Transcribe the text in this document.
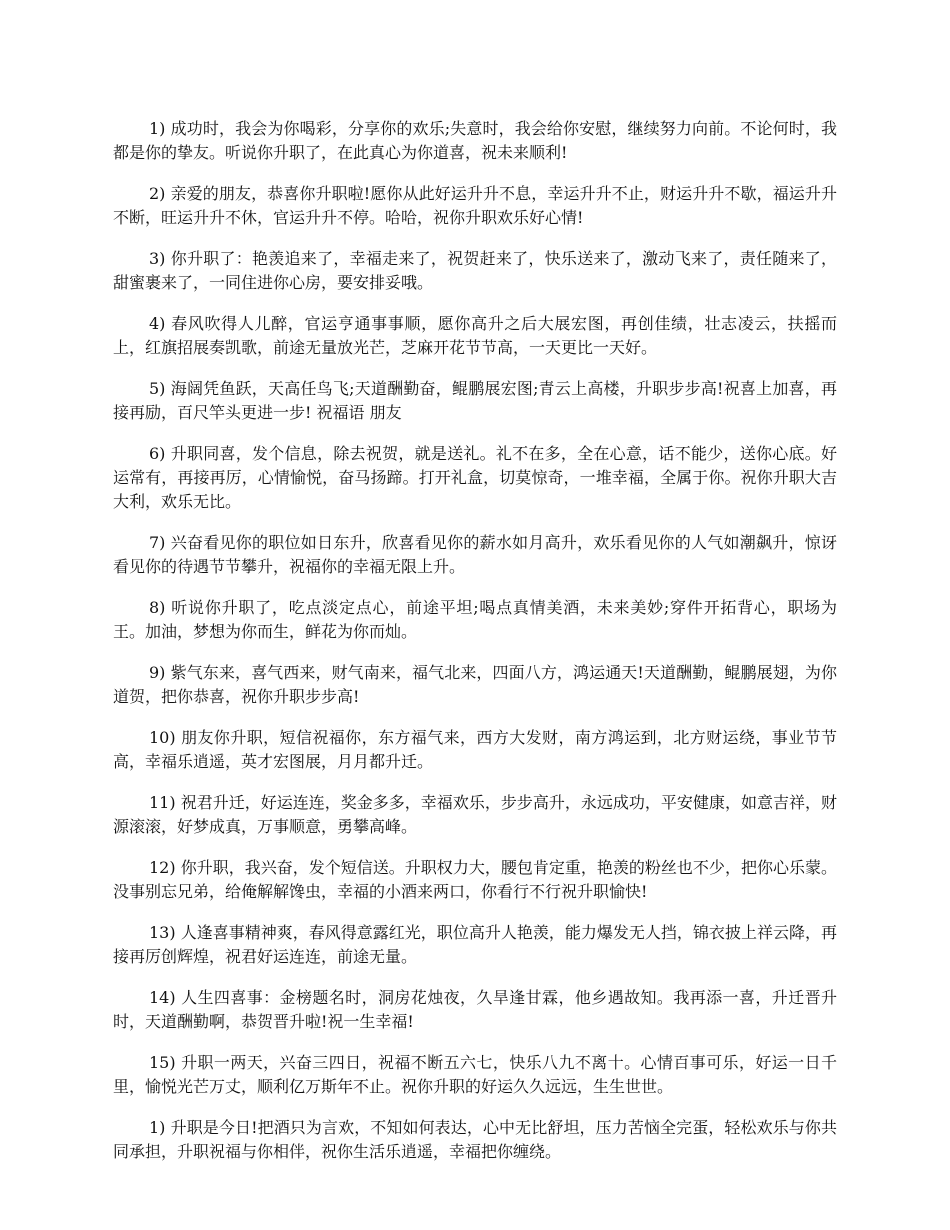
1) 成功时，我会为你喝彩，分享你的欢乐;失意时，我会给你安慰，继续努力向前。不论何时，我都是你的挚友。听说你升职了，在此真心为你道喜，祝未来顺利!

2) 亲爱的朋友，恭喜你升职啦!愿你从此好运升升不息，幸运升升不止，财运升升不歇，福运升升不断，旺运升升不休，官运升升不停。哈哈，祝你升职欢乐好心情!

3) 你升职了：艳羡追来了，幸福走来了，祝贺赶来了，快乐送来了，激动飞来了，责任随来了，甜蜜裹来了，一同住进你心房，要安排妥哦。

4) 春风吹得人儿醉，官运亨通事事顺，愿你高升之后大展宏图，再创佳绩，壮志凌云，扶摇而上，红旗招展奏凯歌，前途无量放光芒，芝麻开花节节高，一天更比一天好。

5) 海阔凭鱼跃，天高任鸟飞;天道酬勤奋，鲲鹏展宏图;青云上高楼，升职步步高!祝喜上加喜，再接再励，百尺竿头更进一步! 祝福语 朋友

6) 升职同喜，发个信息，除去祝贺，就是送礼。礼不在多，全在心意，话不能少，送你心底。好运常有，再接再厉，心情愉悦，奋马扬蹄。打开礼盒，切莫惊奇，一堆幸福，全属于你。祝你升职大吉大利，欢乐无比。

7) 兴奋看见你的职位如日东升，欣喜看见你的薪水如月高升，欢乐看见你的人气如潮飙升，惊讶看见你的待遇节节攀升，祝福你的幸福无限上升。

8) 听说你升职了，吃点淡定点心，前途平坦;喝点真情美酒，未来美妙;穿件开拓背心，职场为王。加油，梦想为你而生，鲜花为你而灿。

9) 紫气东来，喜气西来，财气南来，福气北来，四面八方，鸿运通天!天道酬勤，鲲鹏展翅，为你道贺，把你恭喜，祝你升职步步高!

10) 朋友你升职，短信祝福你，东方福气来，西方大发财，南方鸿运到，北方财运绕，事业节节高，幸福乐逍遥，英才宏图展，月月都升迁。

11) 祝君升迁，好运连连，奖金多多，幸福欢乐，步步高升，永远成功，平安健康，如意吉祥，财源滚滚，好梦成真，万事顺意，勇攀高峰。

12) 你升职，我兴奋，发个短信送。升职权力大，腰包肯定重，艳羡的粉丝也不少，把你心乐蒙。没事别忘兄弟，给俺解解馋虫，幸福的小酒来两口，你看行不行祝升职愉快!

13) 人逢喜事精神爽，春风得意露红光，职位高升人艳羡，能力爆发无人挡，锦衣披上祥云降，再接再厉创辉煌，祝君好运连连，前途无量。

14) 人生四喜事：金榜题名时，洞房花烛夜，久旱逢甘霖，他乡遇故知。我再添一喜，升迁晋升时，天道酬勤啊，恭贺晋升啦!祝一生幸福!

15) 升职一两天，兴奋三四日，祝福不断五六七，快乐八九不离十。心情百事可乐，好运一日千里，愉悦光芒万丈，顺利亿万斯年不止。祝你升职的好运久久远远，生生世世。

1) 升职是今日!把酒只为言欢，不知如何表达，心中无比舒坦，压力苦恼全完蛋，轻松欢乐与你共同承担，升职祝福与你相伴，祝你生活乐逍遥，幸福把你缠绕。
